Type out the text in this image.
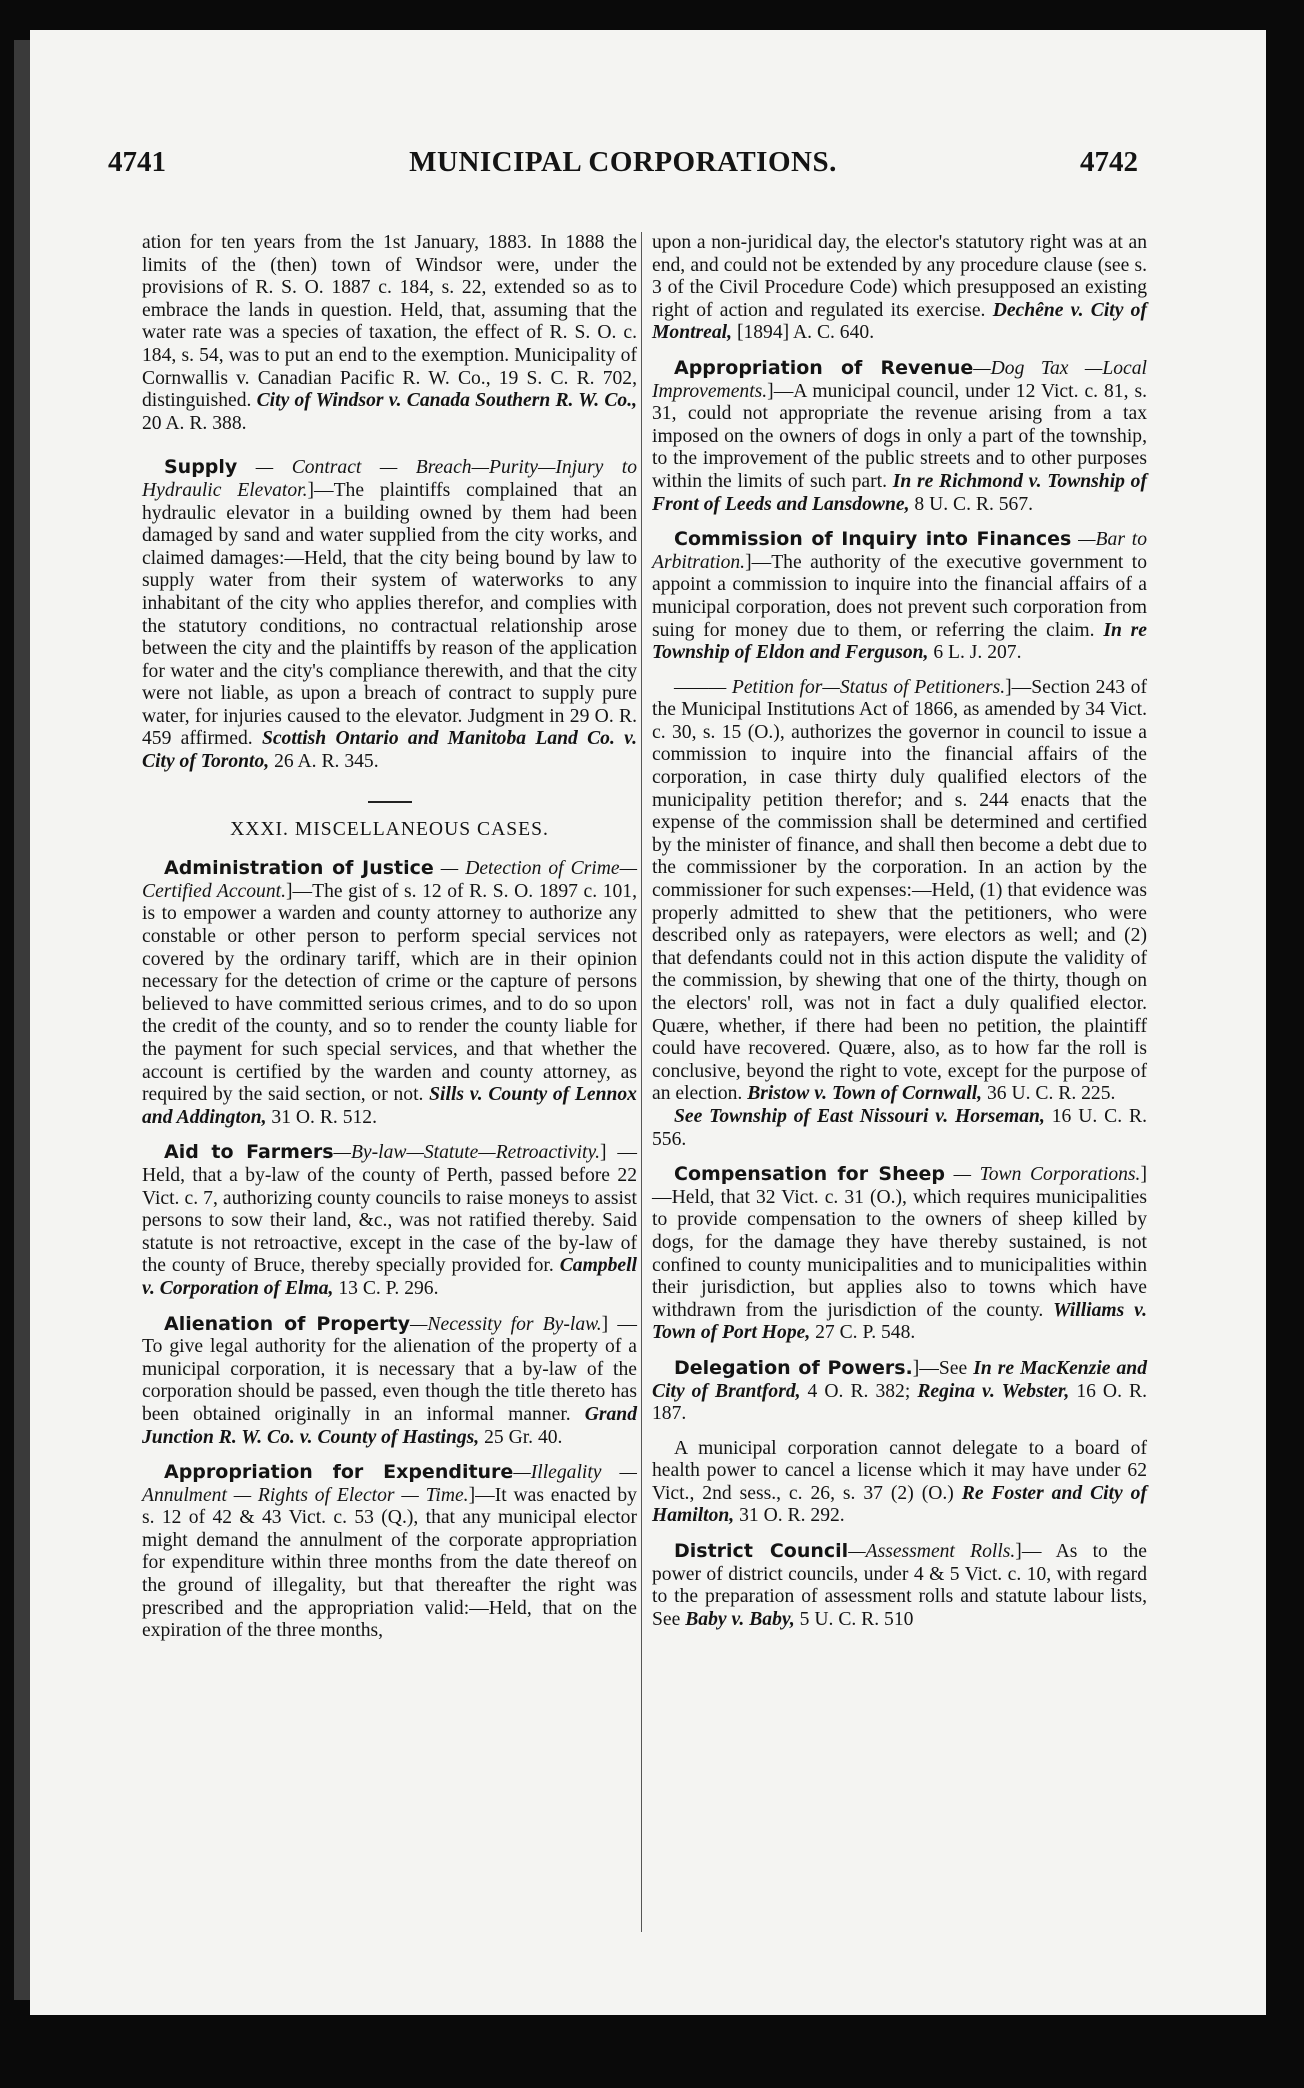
4741	MUNICIPAL CORPORATIONS.	4742

ation for ten years from the 1st January, 1883. In 1888 the limits of the (then) town of Windsor were, under the provisions of R. S. O. 1887 c. 184, s. 22, extended so as to embrace the lands in question. Held, that, assuming that the water rate was a species of taxation, the effect of R. S. O. c. 184, s. 54, was to put an end to the exemption. Municipality of Cornwallis v. Canadian Pacific R. W. Co., 19 S. C. R. 702, distinguished. City of Windsor v. Canada Southern R. W. Co., 20 A. R. 388.

Supply — Contract — Breach—Purity—Injury to Hydraulic Elevator.]—The plaintiffs complained that an hydraulic elevator in a building owned by them had been damaged by sand and water supplied from the city works, and claimed damages:—Held, that the city being bound by law to supply water from their system of waterworks to any inhabitant of the city who applies therefor, and complies with the statutory conditions, no contractual relationship arose between the city and the plaintiffs by reason of the application for water and the city's compliance therewith, and that the city were not liable, as upon a breach of contract to supply pure water, for injuries caused to the elevator. Judgment in 29 O. R. 459 affirmed. Scottish Ontario and Manitoba Land Co. v. City of Toronto, 26 A. R. 345.

XXXI. MISCELLANEOUS CASES.

Administration of Justice — Detection of Crime—Certified Account.]—The gist of s. 12 of R. S. O. 1897 c. 101, is to empower a warden and county attorney to authorize any constable or other person to perform special services not covered by the ordinary tariff, which are in their opinion necessary for the detection of crime or the capture of persons believed to have committed serious crimes, and to do so upon the credit of the county, and so to render the county liable for the payment for such special services, and that whether the account is certified by the warden and county attorney, as required by the said section, or not. Sills v. County of Lennox and Addington, 31 O. R. 512.

Aid to Farmers—By-law—Statute—Retroactivity.] — Held, that a by-law of the county of Perth, passed before 22 Vict. c. 7, authorizing county councils to raise moneys to assist persons to sow their land, &c., was not ratified thereby. Said statute is not retroactive, except in the case of the by-law of the county of Bruce, thereby specially provided for. Campbell v. Corporation of Elma, 13 C. P. 296.

Alienation of Property—Necessity for By-law.] — To give legal authority for the alienation of the property of a municipal corporation, it is necessary that a by-law of the corporation should be passed, even though the title thereto has been obtained originally in an informal manner. Grand Junction R. W. Co. v. County of Hastings, 25 Gr. 40.

Appropriation for Expenditure—Illegality — Annulment — Rights of Elector — Time.]—It was enacted by s. 12 of 42 & 43 Vict. c. 53 (Q.), that any municipal elector might demand the annulment of the corporate appropriation for expenditure within three months from the date thereof on the ground of illegality, but that thereafter the right was prescribed and the appropriation valid:—Held, that on the expiration of the three months,

upon a non-juridical day, the elector's statutory right was at an end, and could not be extended by any procedure clause (see s. 3 of the Civil Procedure Code) which presupposed an existing right of action and regulated its exercise. Dechêne v. City of Montreal, [1894] A. C. 640.

Appropriation of Revenue—Dog Tax —Local Improvements.]—A municipal council, under 12 Vict. c. 81, s. 31, could not appropriate the revenue arising from a tax imposed on the owners of dogs in only a part of the township, to the improvement of the public streets and to other purposes within the limits of such part. In re Richmond v. Township of Front of Leeds and Lansdowne, 8 U. C. R. 567.

Commission of Inquiry into Finances —Bar to Arbitration.]—The authority of the executive government to appoint a commission to inquire into the financial affairs of a municipal corporation, does not prevent such corporation from suing for money due to them, or referring the claim. In re Township of Eldon and Ferguson, 6 L. J. 207.

——— Petition for—Status of Petitioners.]—Section 243 of the Municipal Institutions Act of 1866, as amended by 34 Vict. c. 30, s. 15 (O.), authorizes the governor in council to issue a commission to inquire into the financial affairs of the corporation, in case thirty duly qualified electors of the municipality petition therefor; and s. 244 enacts that the expense of the commission shall be determined and certified by the minister of finance, and shall then become a debt due to the commissioner by the corporation. In an action by the commissioner for such expenses:—Held, (1) that evidence was properly admitted to shew that the petitioners, who were described only as ratepayers, were electors as well; and (2) that defendants could not in this action dispute the validity of the commission, by shewing that one of the thirty, though on the electors' roll, was not in fact a duly qualified elector. Quære, whether, if there had been no petition, the plaintiff could have recovered. Quære, also, as to how far the roll is conclusive, beyond the right to vote, except for the purpose of an election. Bristow v. Town of Cornwall, 36 U. C. R. 225.

See Township of East Nissouri v. Horseman, 16 U. C. R. 556.

Compensation for Sheep — Town Corporations.]—Held, that 32 Vict. c. 31 (O.), which requires municipalities to provide compensation to the owners of sheep killed by dogs, for the damage they have thereby sustained, is not confined to county municipalities and to municipalities within their jurisdiction, but applies also to towns which have withdrawn from the jurisdiction of the county. Williams v. Town of Port Hope, 27 C. P. 548.

Delegation of Powers.]—See In re MacKenzie and City of Brantford, 4 O. R. 382; Regina v. Webster, 16 O. R. 187.

A municipal corporation cannot delegate to a board of health power to cancel a license which it may have under 62 Vict., 2nd sess., c. 26, s. 37 (2) (O.) Re Foster and City of Hamilton, 31 O. R. 292.

District Council—Assessment Rolls.]— As to the power of district councils, under 4 & 5 Vict. c. 10, with regard to the preparation of assessment rolls and statute labour lists, See Baby v. Baby, 5 U. C. R. 510
